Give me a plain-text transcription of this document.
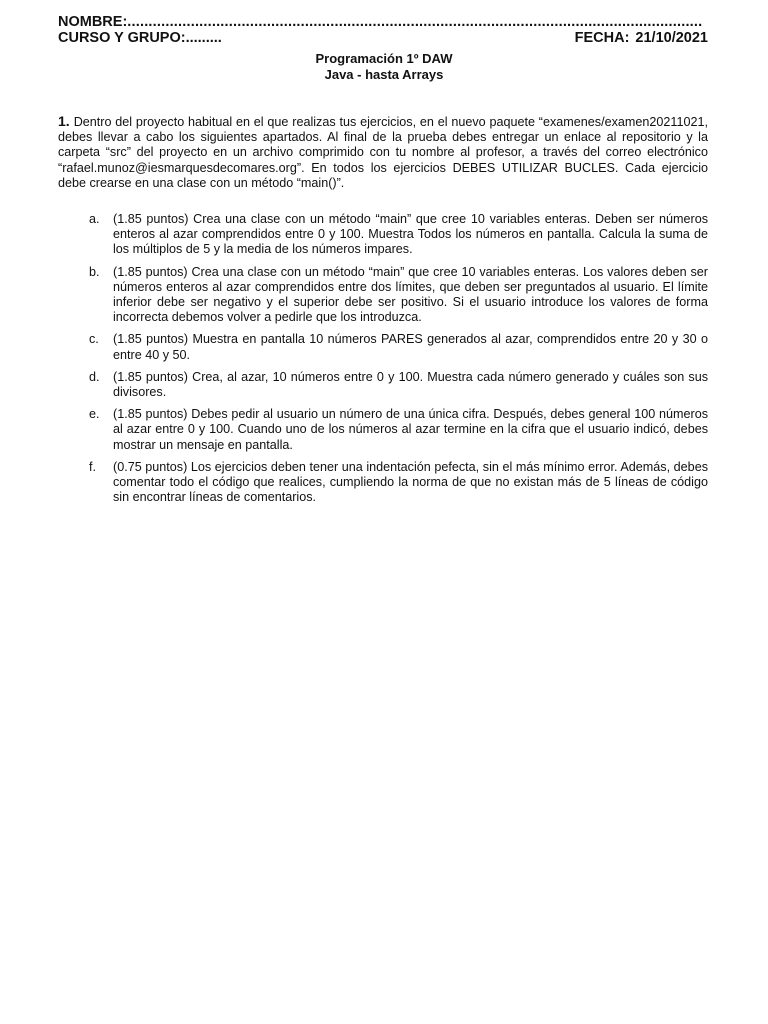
NOMBRE:........................................................................................................................................
CURSO Y GRUPO:.........	FECHA: 21/10/2021
Programación 1º DAW
Java - hasta Arrays
1. Dentro del proyecto habitual en el que realizas tus ejercicios, en el nuevo paquete “examenes/examen20211021, debes llevar a cabo los siguientes apartados. Al final de la prueba debes entregar un enlace al repositorio y la carpeta “src” del proyecto en un archivo comprimido con tu nombre al profesor, a través del correo electrónico “rafael.munoz@iesmarquesdecomares.org”. En todos los ejercicios DEBES UTILIZAR BUCLES. Cada ejercicio debe crearse en una clase con un método “main()”.
a. (1.85 puntos) Crea una clase con un método “main” que cree 10 variables enteras. Deben ser números enteros al azar comprendidos entre 0 y 100. Muestra Todos los números en pantalla. Calcula la suma de los múltiplos de 5 y la media de los números impares.
b. (1.85 puntos) Crea una clase con un método “main” que cree 10 variables enteras. Los valores deben ser números enteros al azar comprendidos entre dos límites, que deben ser preguntados al usuario. El límite inferior debe ser negativo y el superior debe ser positivo. Si el usuario introduce los valores de forma incorrecta debemos volver a pedirle que los introduzca.
c. (1.85 puntos) Muestra en pantalla 10 números PARES generados al azar, comprendidos entre 20 y 30 o entre 40 y 50.
d. (1.85 puntos) Crea, al azar, 10 números entre 0 y 100. Muestra cada número generado y cuáles son sus divisores.
e. (1.85 puntos) Debes pedir al usuario un número de una única cifra. Después, debes general 100 números al azar entre 0 y 100. Cuando uno de los números al azar termine en la cifra que el usuario indicó, debes mostrar un mensaje en pantalla.
f. (0.75 puntos) Los ejercicios deben tener una indentación pefecta, sin el más mínimo error. Además, debes comentar todo el código que realices, cumpliendo la norma de que no existan más de 5 líneas de código sin encontrar líneas de comentarios.
